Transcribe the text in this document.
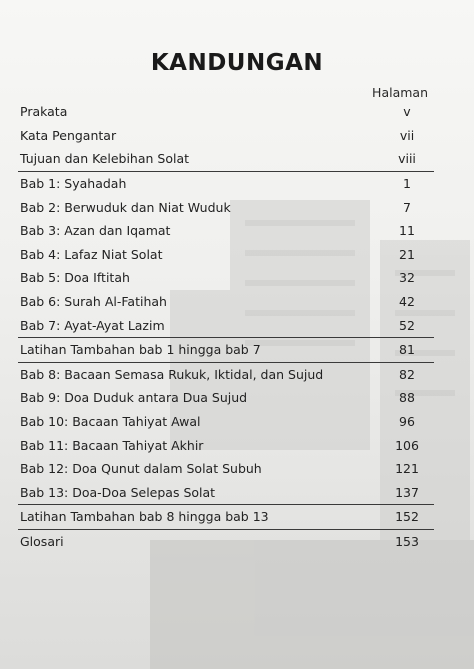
KANDUNGAN
Halaman
Prakata	v
Kata Pengantar	vii
Tujuan dan Kelebihan Solat	viii
Bab 1: Syahadah	1
Bab 2: Berwuduk dan Niat Wuduk	7
Bab 3: Azan dan Iqamat	11
Bab 4: Lafaz Niat Solat	21
Bab 5: Doa Iftitah	32
Bab 6: Surah Al-Fatihah	42
Bab 7: Ayat-Ayat Lazim	52
Latihan Tambahan bab 1 hingga bab 7	81
Bab 8: Bacaan Semasa Rukuk, Iktidal, dan Sujud	82
Bab 9: Doa Duduk antara Dua Sujud	88
Bab 10: Bacaan Tahiyat Awal	96
Bab 11: Bacaan Tahiyat Akhir	106
Bab 12: Doa Qunut dalam Solat Subuh	121
Bab 13: Doa-Doa Selepas Solat	137
Latihan Tambahan bab 8 hingga bab 13	152
Glosari	153
